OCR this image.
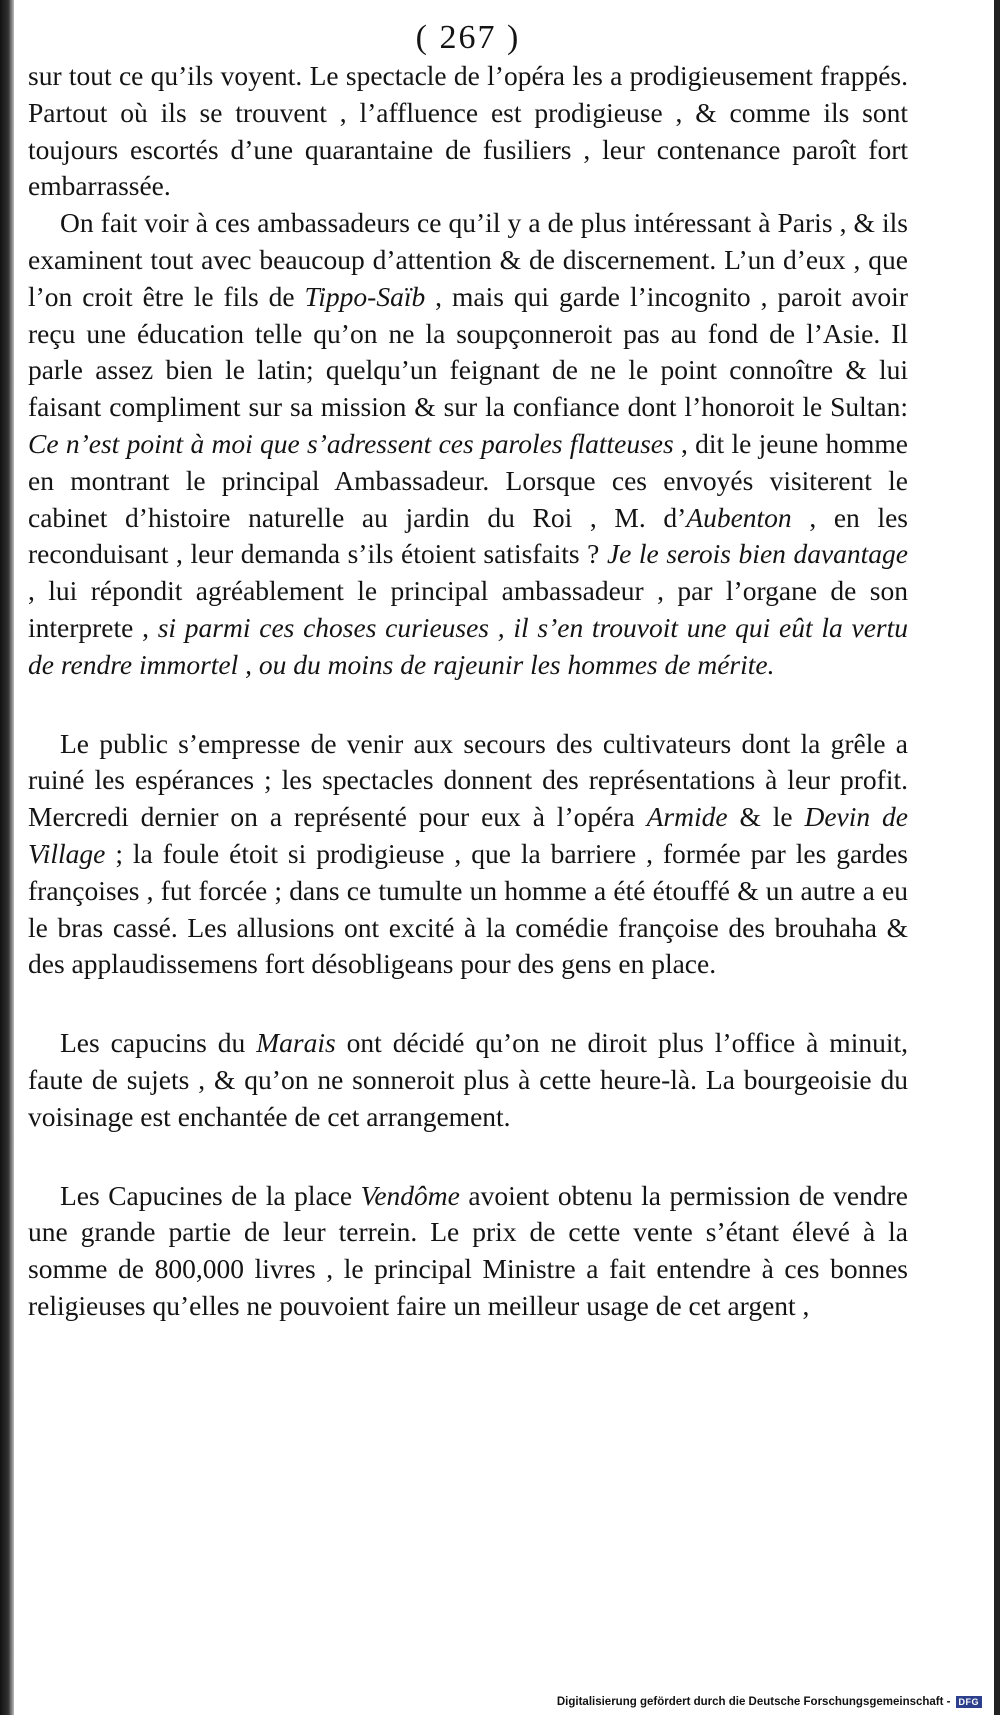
( 267 )

sur tout ce qu’ils voyent. Le spectacle de l’opéra les a prodigieusement frappés. Partout où ils se trouvent , l’affluence est prodigieuse , & comme ils sont toujours escortés d’une quarantaine de fusiliers , leur contenance paroît fort embarrassée.

On fait voir à ces ambassadeurs ce qu’il y a de plus intéressant à Paris , & ils examinent tout avec beaucoup d’attention & de discernement. L’un d’eux , que l’on croit être le fils de Tippo-Saïb , mais qui garde l’incognito , paroit avoir reçu une éducation telle qu’on ne la soupçonneroit pas au fond de l’Asie. Il parle assez bien le latin; quelqu’un feignant de ne le point connoître & lui faisant compliment sur sa mission & sur la confiance dont l’honoroit le Sultan: Ce n’est point à moi que s’adressent ces paroles flatteuses , dit le jeune homme en montrant le principal Ambassadeur. Lorsque ces envoyés visiterent le cabinet d’histoire naturelle au jardin du Roi , M. d’Aubenton , en les reconduisant , leur demanda s’ils étoient satisfaits ? Je le serois bien davantage , lui répondit agréablement le principal ambassadeur , par l’organe de son interprete , si parmi ces choses curieuses , il s’en trouvoit une qui eût la vertu de rendre immortel , ou du moins de rajeunir les hommes de mérite.

Le public s’empresse de venir aux secours des cultivateurs dont la grêle a ruiné les espérances ; les spectacles donnent des représentations à leur profit. Mercredi dernier on a représenté pour eux à l’opéra Armide & le Devin de Village ; la foule étoit si prodigieuse , que la barriere , formée par les gardes françoises , fut forcée ; dans ce tumulte un homme a été étouffé & un autre a eu le bras cassé. Les allusions ont excité à la comédie françoise des brouhaha & des applaudissemens fort désobligeans pour des gens en place.

Les capucins du Marais ont décidé qu’on ne diroit plus l’office à minuit, faute de sujets , & qu’on ne sonneroit plus à cette heure-là. La bourgeoisie du voisinage est enchantée de cet arrangement.

Les Capucines de la place Vendôme avoient obtenu la permission de vendre une grande partie de leur terrein. Le prix de cette vente s’étant élevé à la somme de 800,000 livres , le principal Ministre a fait entendre à ces bonnes religieuses qu’elles ne pouvoient faire un meilleur usage de cet argent ,

Digitalisierung gefördert durch die Deutsche Forschungsgemeinschaft - DFG
